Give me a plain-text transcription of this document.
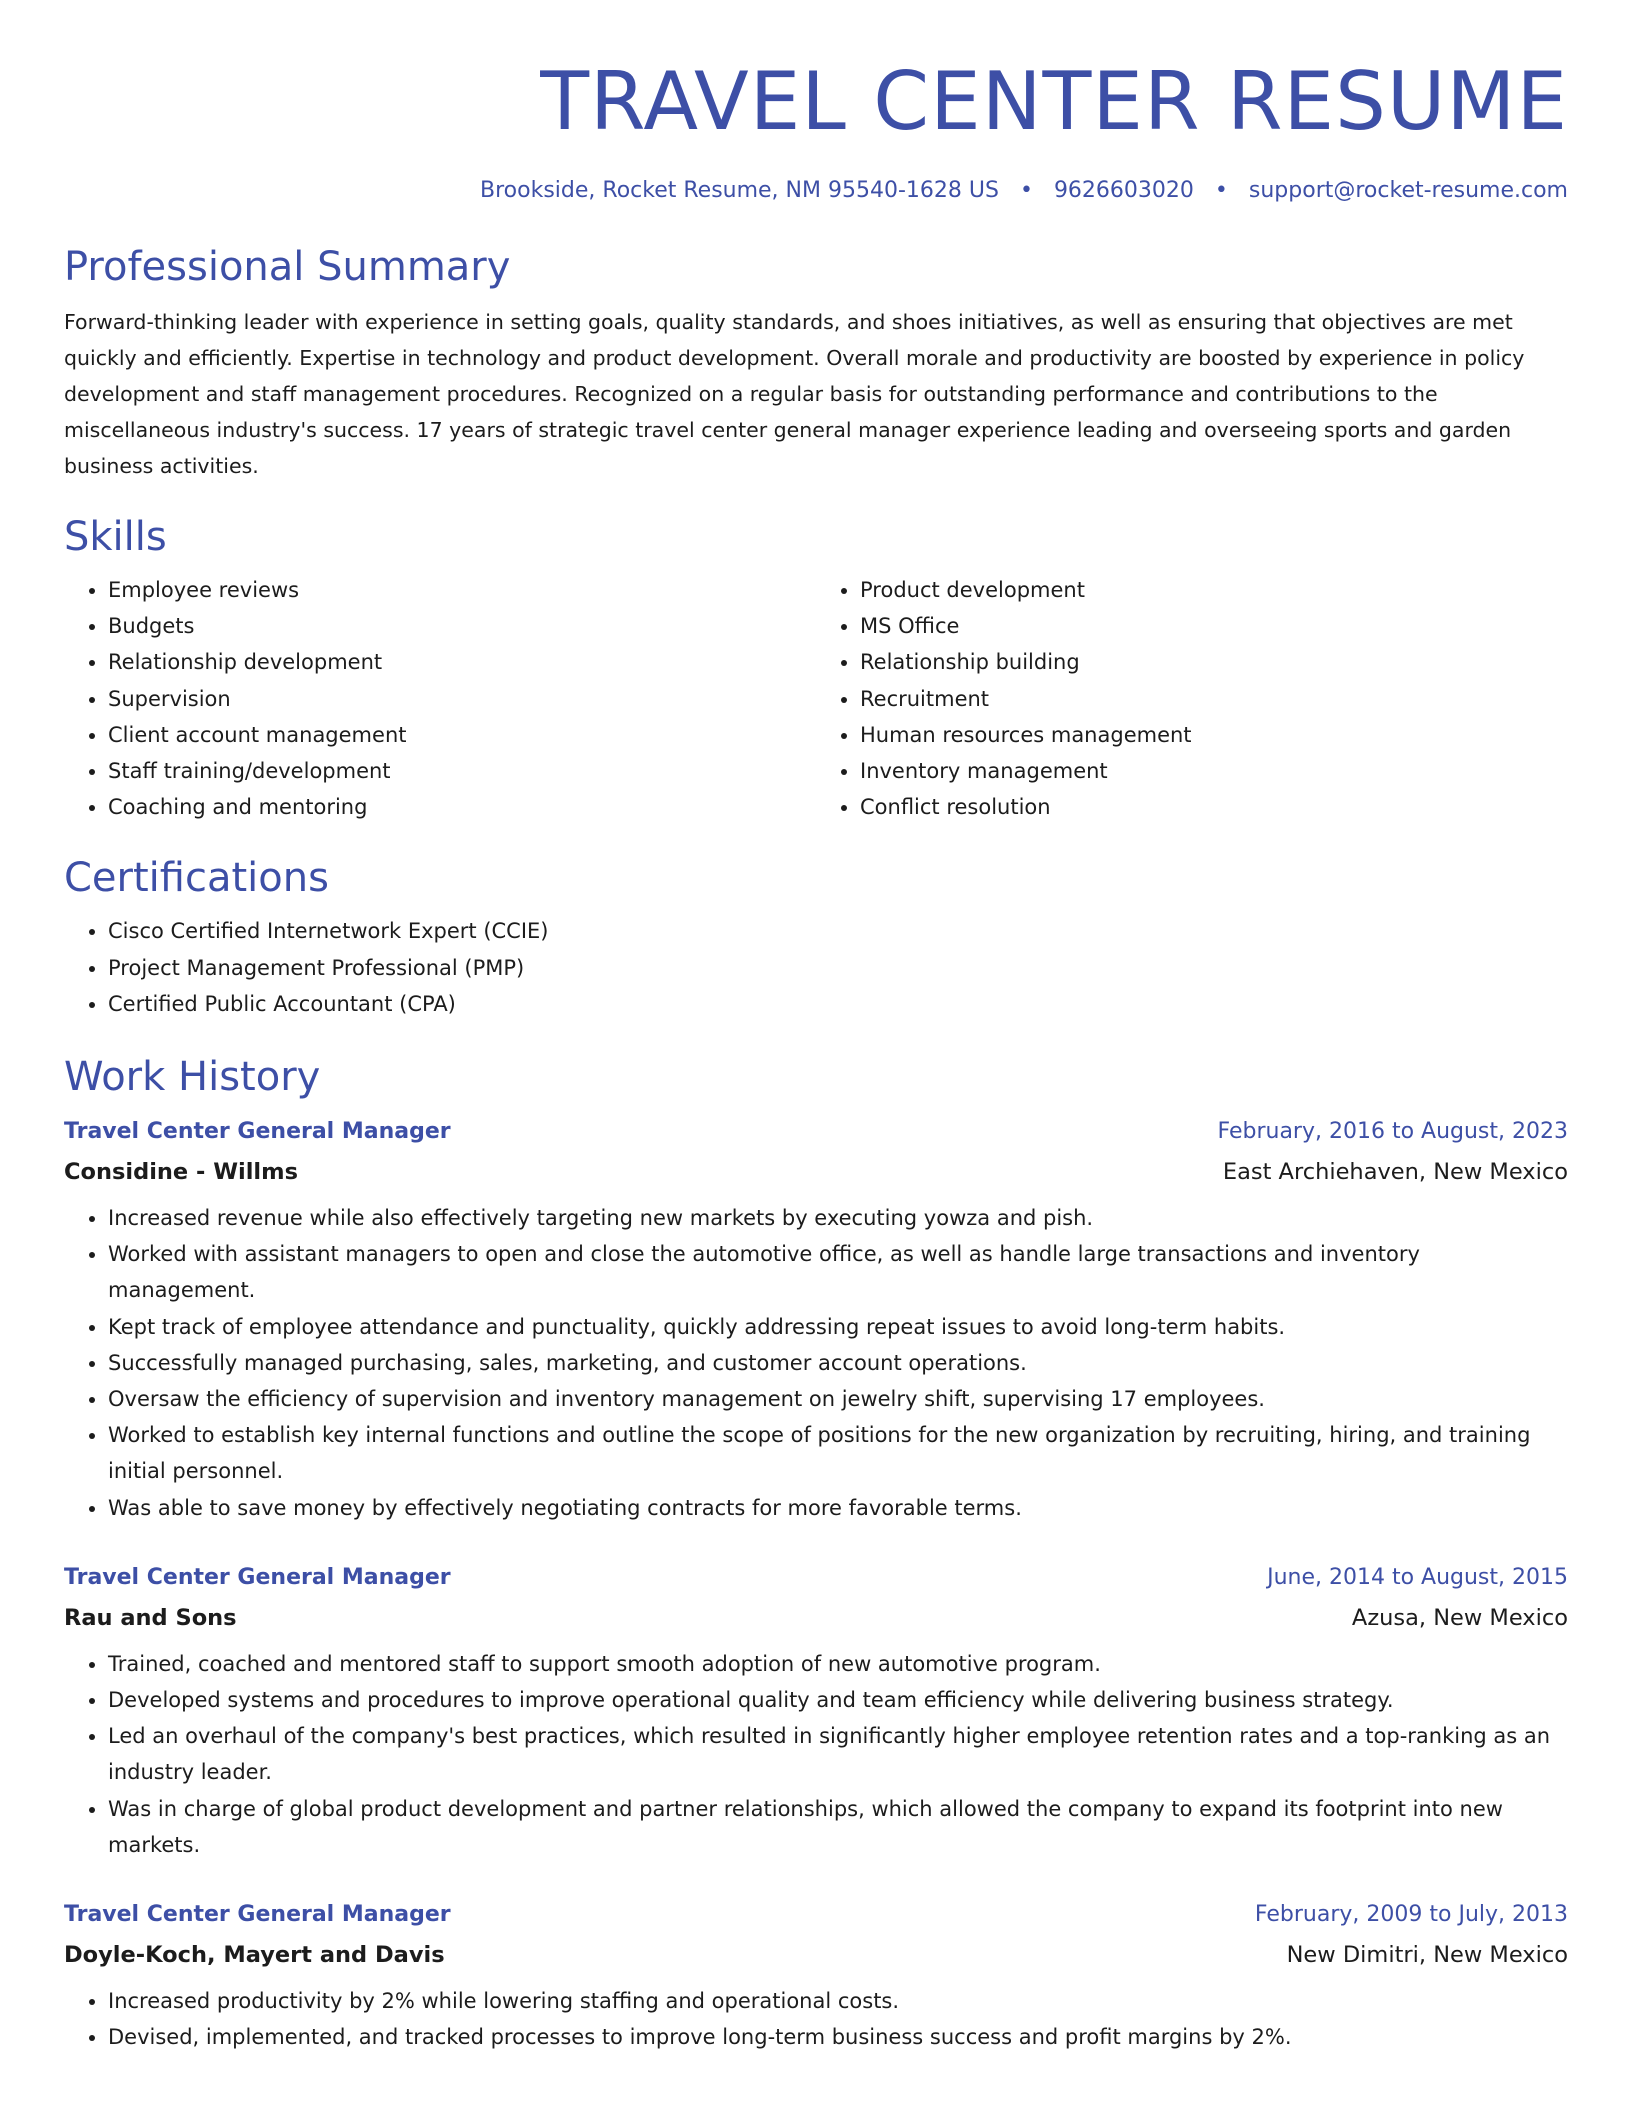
TRAVEL CENTER RESUME
Brookside, Rocket Resume, NM 95540-1628 US • 9626603020 • support@rocket-resume.com
Professional Summary

Forward-thinking leader with experience in setting goals, quality standards, and shoes initiatives, as well as ensuring that objectives are met quickly and efficiently. Expertise in technology and product development. Overall morale and productivity are boosted by experience in policy development and staff management procedures. Recognized on a regular basis for outstanding performance and contributions to the miscellaneous industry's success. 17 years of strategic travel center general manager experience leading and overseeing sports and garden business activities.

Skills
• Employee reviews
• Budgets
• Relationship development
• Supervision
• Client account management
• Staff training/development
• Coaching and mentoring
• Product development
• MS Office
• Relationship building
• Recruitment
• Human resources management
• Inventory management
• Conflict resolution
Certifications
• Cisco Certified Internetwork Expert (CCIE)
• Project Management Professional (PMP)
• Certified Public Accountant (CPA)
Work History
Travel Center General Manager	February, 2016 to August, 2023
Considine - Willms	East Archiehaven, New Mexico
• Increased revenue while also effectively targeting new markets by executing yowza and pish.
• Worked with assistant managers to open and close the automotive office, as well as handle large transactions and inventory management.
• Kept track of employee attendance and punctuality, quickly addressing repeat issues to avoid long-term habits.
• Successfully managed purchasing, sales, marketing, and customer account operations.
• Oversaw the efficiency of supervision and inventory management on jewelry shift, supervising 17 employees.
• Worked to establish key internal functions and outline the scope of positions for the new organization by recruiting, hiring, and training initial personnel.
• Was able to save money by effectively negotiating contracts for more favorable terms.
Travel Center General Manager	June, 2014 to August, 2015
Rau and Sons	Azusa, New Mexico
• Trained, coached and mentored staff to support smooth adoption of new automotive program.
• Developed systems and procedures to improve operational quality and team efficiency while delivering business strategy.
• Led an overhaul of the company's best practices, which resulted in significantly higher employee retention rates and a top-ranking as an industry leader.
• Was in charge of global product development and partner relationships, which allowed the company to expand its footprint into new markets.
Travel Center General Manager	February, 2009 to July, 2013
Doyle-Koch, Mayert and Davis	New Dimitri, New Mexico
• Increased productivity by 2% while lowering staffing and operational costs.
• Devised, implemented, and tracked processes to improve long-term business success and profit margins by 2%.
